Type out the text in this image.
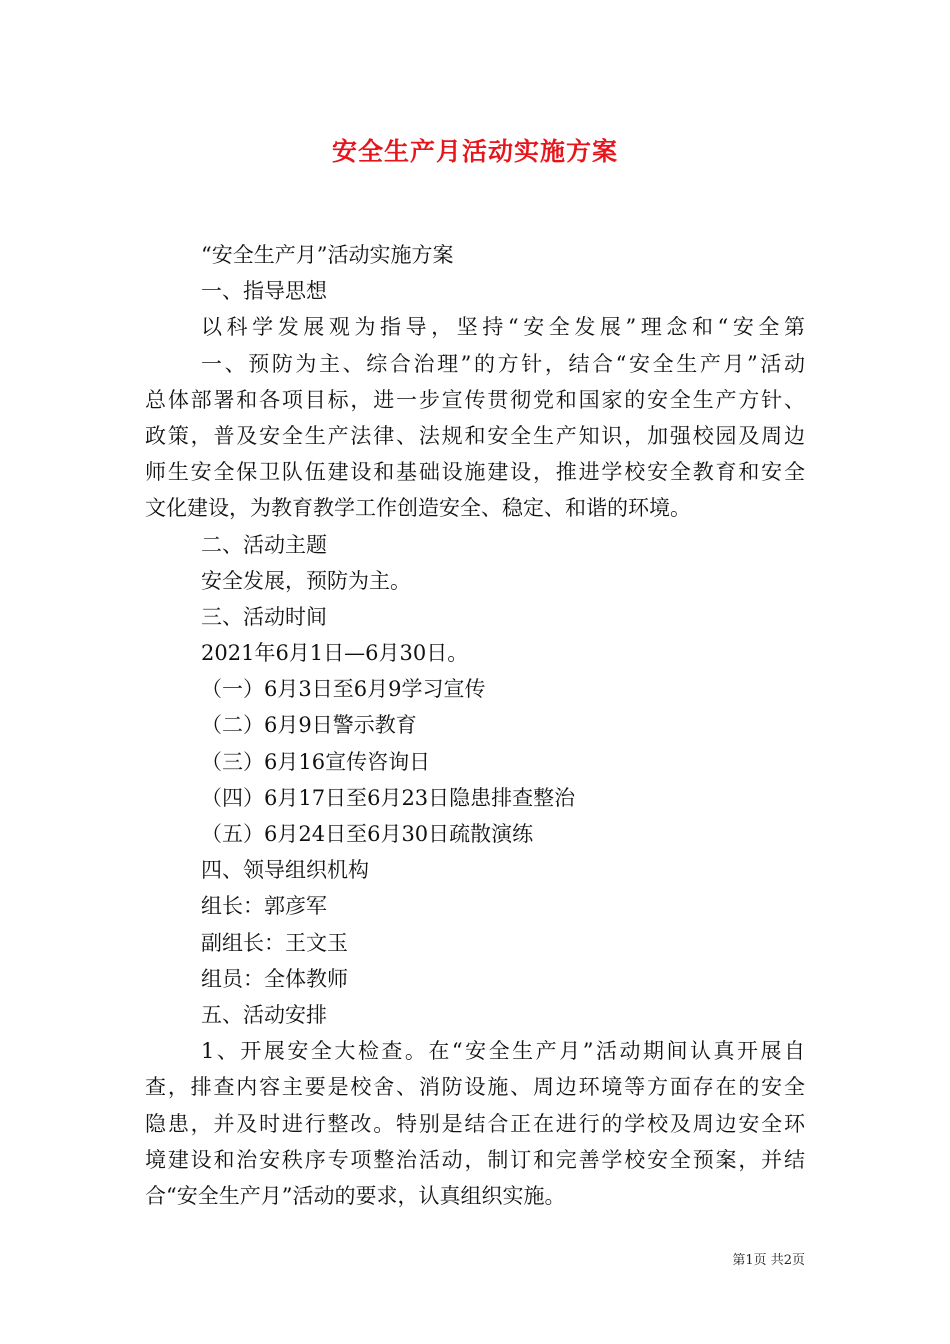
安全生产月活动实施方案
“安全生产月”活动实施方案
一、指导思想
以科学发展观为指导，坚持“安全发展”理念和“安全第
一、预防为主、综合治理”的方针，结合“安全生产月”活动
总体部署和各项目标，进一步宣传贯彻党和国家的安全生产方针、
政策，普及安全生产法律、法规和安全生产知识，加强校园及周边
师生安全保卫队伍建设和基础设施建设，推进学校安全教育和安全
文化建设，为教育教学工作创造安全、稳定、和谐的环境。
二、活动主题
安全发展，预防为主。
三、活动时间
2021年6月1日—6月30日。
（一）6月3日至6月9学习宣传
（二）6月9日警示教育
（三）6月16宣传咨询日
（四）6月17日至6月23日隐患排查整治
（五）6月24日至6月30日疏散演练
四、领导组织机构
组长：郭彦军
副组长：王文玉
组员：全体教师
五、活动安排
1、开展安全大检查。在“安全生产月”活动期间认真开展自
查，排查内容主要是校舍、消防设施、周边环境等方面存在的安全
隐患，并及时进行整改。特别是结合正在进行的学校及周边安全环
境建设和治安秩序专项整治活动，制订和完善学校安全预案，并结
合“安全生产月”活动的要求，认真组织实施。
第1页 共2页
